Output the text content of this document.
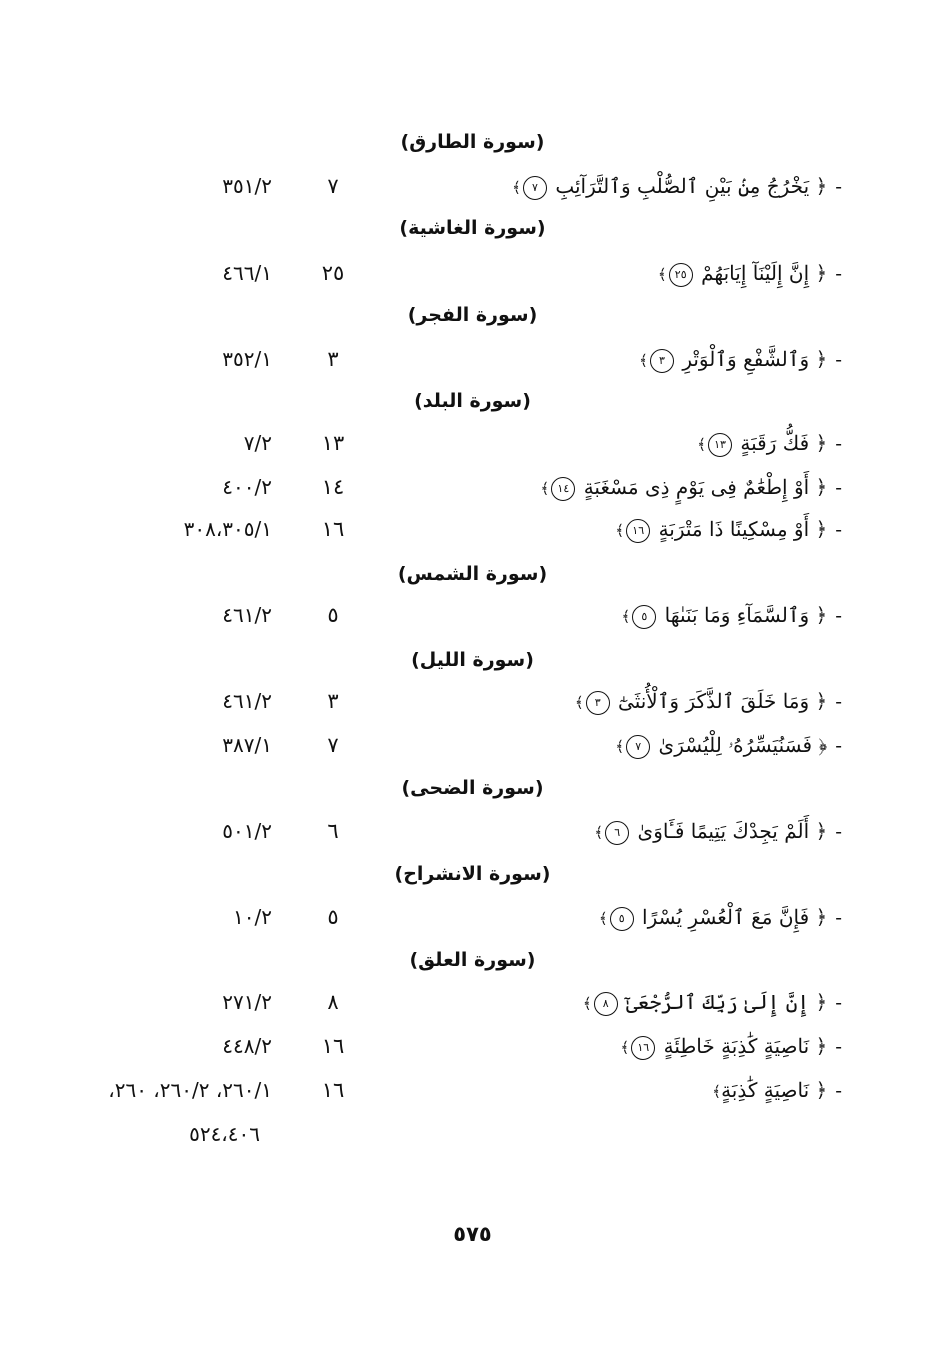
(سورة الطارق)
-﴿ يَخْرُجُ مِنۢ بَيْنِ ٱلصُّلْبِ وَٱلتَّرَآئِبِ ٧﴾
٧
٣٥١/٢
(سورة الغاشية)
-﴿ إِنَّ إِلَيْنَآ إِيَابَهُمْ ٢٥﴾
٢٥
٤٦٦/١
(سورة الفجر)
-﴿ وَٱلشَّفْعِ وَٱلْوَتْرِ ٣﴾
٣
٣٥٢/١
(سورة البلد)
-﴿ فَكُّ رَقَبَةٍ ١٣﴾
١٣
٧/٢
-﴿ أَوْ إِطْعَٰمٌ فِى يَوْمٍ ذِى مَسْغَبَةٍ ١٤﴾
١٤
٤٠٠/٢
-﴿ أَوْ مِسْكِينًا ذَا مَتْرَبَةٍ ١٦﴾
١٦
٣٠٨،٣٠٥/١
(سورة الشمس)
-﴿ وَٱلسَّمَآءِ وَمَا بَنَىٰهَا ٥﴾
٥
٤٦١/٢
(سورة الليل)
-﴿ وَمَا خَلَقَ ٱلذَّكَرَ وَٱلْأُنثَىٰٓ ٣﴾
٣
٤٦١/٢
-﴿ فَسَنُيَسِّرُهُۥ لِلْيُسْرَىٰ ٧﴾
٧
٣٨٧/١
(سورة الضحى)
-﴿ أَلَمْ يَجِدْكَ يَتِيمًا فَـَٔاوَىٰ ٦﴾
٦
٥٠١/٢
(سورة الانشراح)
-﴿ فَإِنَّ مَعَ ٱلْعُسْرِ يُسْرًا ٥﴾
٥
١٠/٢
(سورة العلق)
-﴿ إِنَّ إِلَىٰ رَبِّكَ ٱلرُّجْعَىٰٓ ٨﴾
٨
٢٧١/٢
-﴿ نَاصِيَةٍ كَٰذِبَةٍ خَاطِئَةٍ ١٦﴾
١٦
٤٤٨/٢
-﴿ نَاصِيَةٍ كَٰذِبَةٍ﴾
١٦
٢٦٠/١، ٢٦٠/٢، ٢٦٠،
٥٢٤،٤٠٦
٥٧٥
